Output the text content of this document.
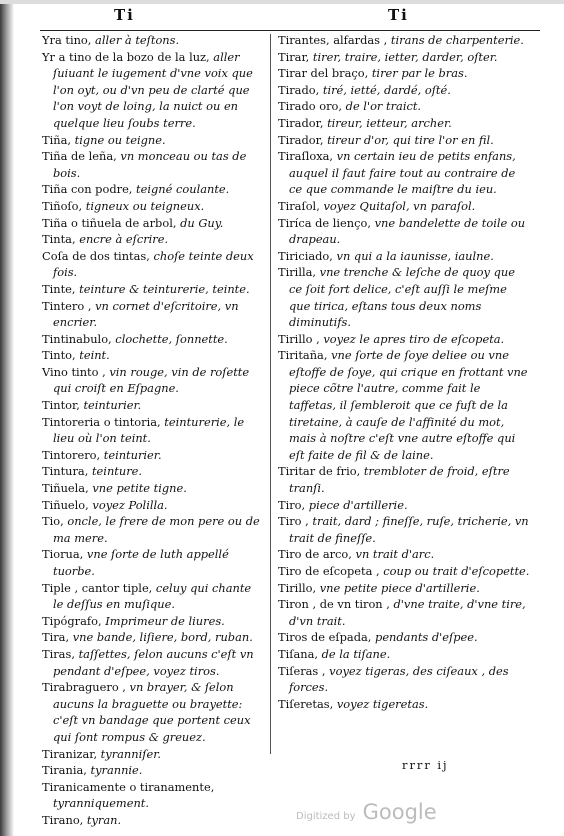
Ti	Ti

Yra tino, aller à teſtons.

Yr a tino de la bozo de la luz, aller ſuiuant le iugement d'vne voix que l'on oyt, ou d'vn peu de clarté que l'on voyt de loing, la nuict ou en quelque lieu ſoubs terre.

Tiña, tigne ou teigne.

Tiña de leña, vn monceau ou tas de bois.

Tiña con podre, teigné coulante.

Tiñoſo, tigneux ou teigneux.

Tiña o tiñuela de arbol, du Guy.

Tinta, encre à eſcrire.

Coſa de dos tintas, choſe teinte deux fois.

Tinte, teinture & teinturerie, teinte.

Tintero , vn cornet d'eſcritoire, vn encrier.

Tintinabulo, clochette, ſonnette.

Tinto, teint.

Vino tinto , vin rouge, vin de roſette qui croiſt en Eſpagne.

Tintor, teinturier.

Tintoreria o tintoria, teinturerie, le lieu où l'on teint.

Tintorero, teinturier.

Tintura, teinture.

Tiñuela, vne petite tigne.

Tiñuelo, voyez Polilla.

Tio, oncle, le frere de mon pere ou de ma mere.

Tiorua, vne ſorte de luth appellé tuorbe.

Tiple , cantor tiple, celuy qui chante le deſſus en muſique.

Tipógrafo, Imprimeur de liures.

Tira, vne bande, liſiere, bord, ruban.

Tiras, taſſettes, ſelon aucuns c'eſt vn pendant d'eſpee, voyez tiros.

Tirabraguero , vn brayer, & ſelon aucuns la braguette ou brayette: c'eſt vn bandage que portent ceux qui ſont rompus & greuez.

Tiranizar, tyranniſer.

Tirania, tyrannie.

Tiranicamente o tiranamente, tyranniquement.

Tirano, tyran.

Tirantes, alfardas , tirans de charpenterie.

Tirar, tirer, traire, ietter, darder, oſter.

Tirar del braço, tirer par le bras.

Tirado, tiré, ietté, dardé, oſté.

Tirado oro, de l'or traict.

Tirador, tireur, ietteur, archer.

Tirador, tireur d'or, qui tire l'or en fil.

Tiraſloxa, vn certain ieu de petits enfans, auquel il faut faire tout au contraire de ce que commande le maiſtre du ieu.

Tiraſol, voyez Quitaſol, vn paraſol.

Tiríca de lienço, vne bandelette de toile ou drapeau.

Tiriciado, vn qui a la iaunisse, iaulne.

Tirilla, vne trenche & leſche de quoy que ce ſoit fort delice, c'eſt auſſi le meſme que tirica, eſtans tous deux noms diminutifs.

Tirillo , voyez le apres tiro de eſcopeta.

Tiritaña, vne ſorte de ſoye deliee ou vne eſtoffe de ſoye, qui crique en frottant vne piece cõtre l'autre, comme fait le taffetas, il ſembleroit que ce fuſt de la tiretaine, à cauſe de l'affinité du mot, mais à noſtre c'eſt vne autre eſtoffe qui eſt faite de fil & de laine.

Tiritar de frio, trembloter de froid, eſtre tranſi.

Tiro, piece d'artillerie.

Tiro , trait, dard ; fineſſe, ruſe, tricherie, vn trait de fineſſe.

Tiro de arco, vn trait d'arc.

Tiro de eſcopeta , coup ou trait d'eſcopette.

Tirillo, vne petite piece d'artillerie.

Tiron , de vn tiron , d'vne traite, d'vne tire, d'vn trait.

Tiros de eſpada, pendants d'eſpee.

Tiſana, de la tiſane.

Tiſeras , voyez tigeras, des ciſeaux , des forces.

Tiſeretas, voyez tigeretas.

rrrr ij
Digitized by Google
